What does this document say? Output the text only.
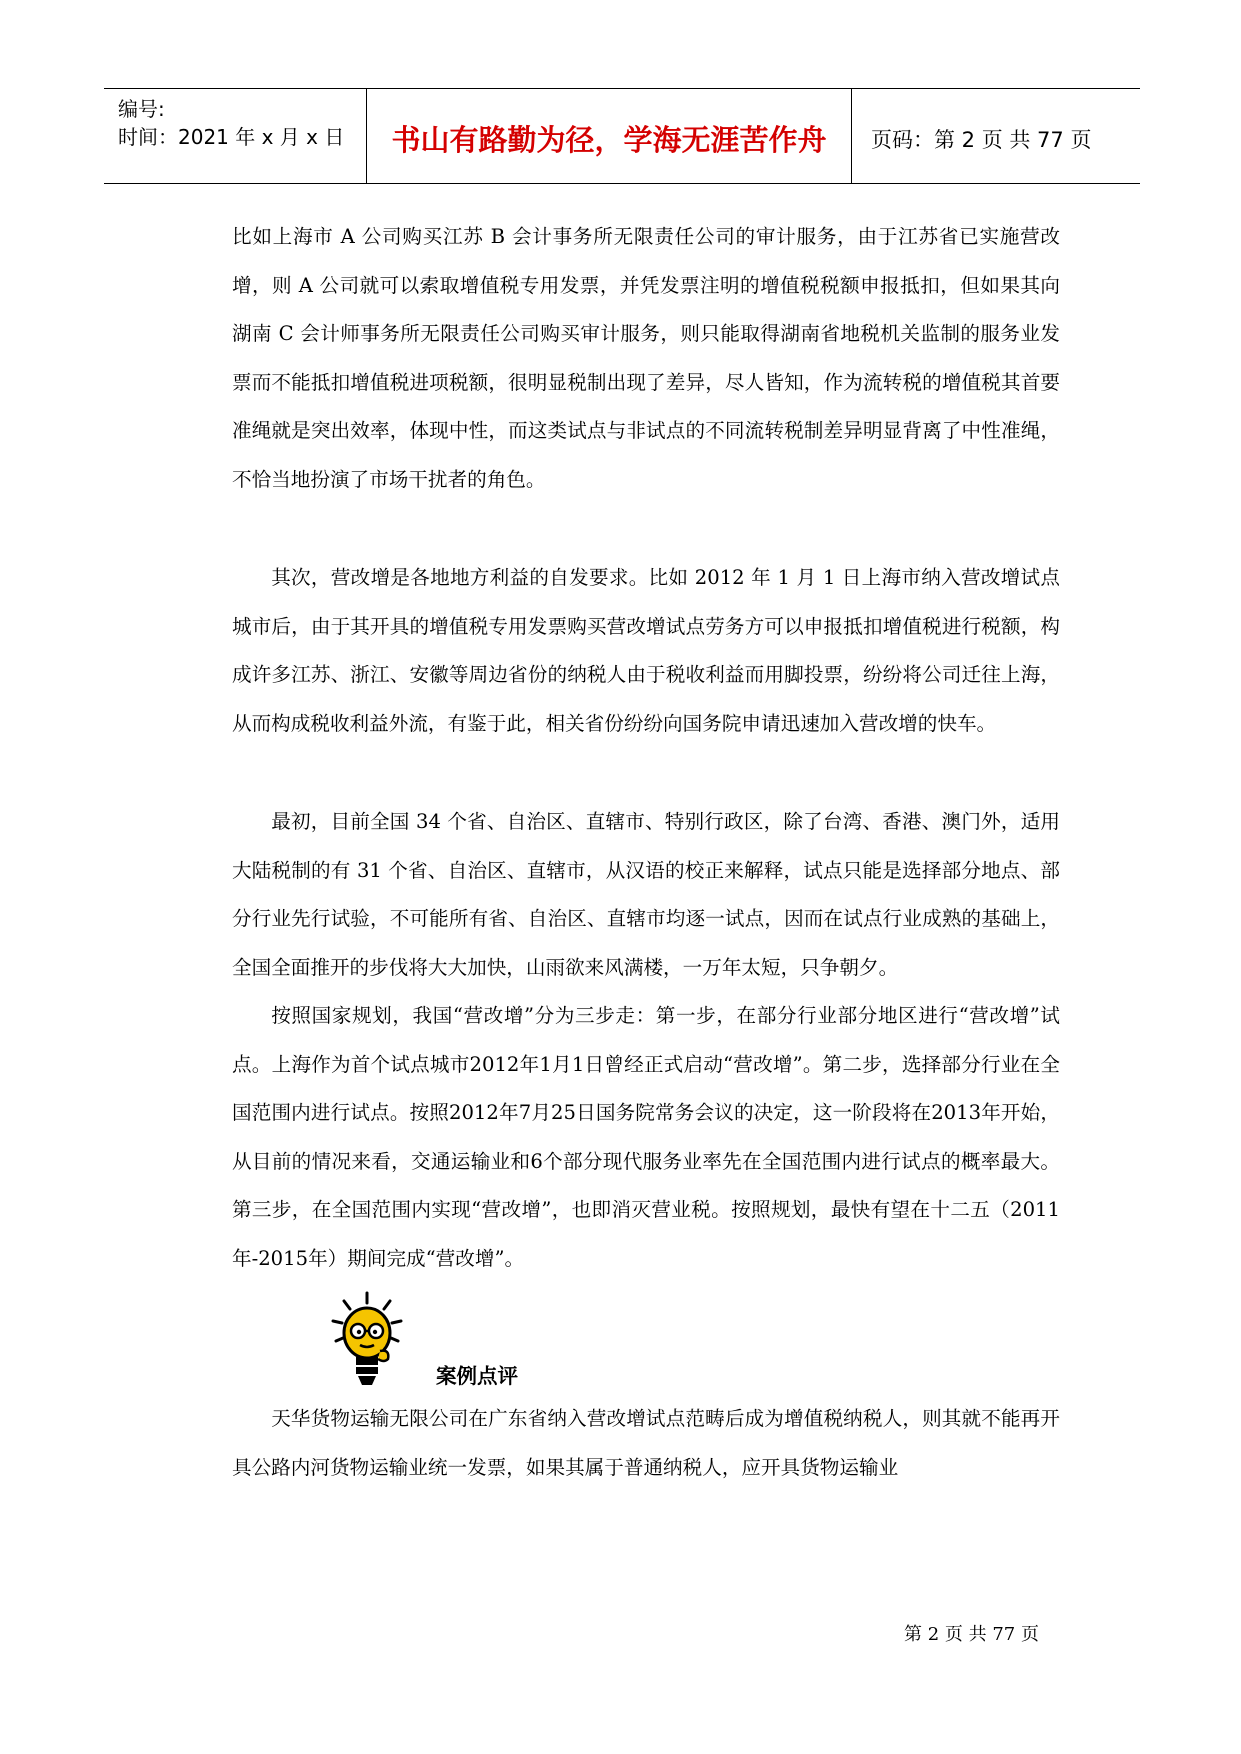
编号:
时间：2021 年 x 月 x 日	书山有路勤为径，学海无涯苦作舟	页码：第 2 页 共 77 页

比如上海市 A 公司购买江苏 B 会计事务所无限责任公司的审计服务，由于江苏省已实施营改增，则 A 公司就可以索取增值税专用发票，并凭发票注明的增值税税额申报抵扣，但如果其向湖南 C 会计师事务所无限责任公司购买审计服务，则只能取得湖南省地税机关监制的服务业发票而不能抵扣增值税进项税额，很明显税制出现了差异，尽人皆知，作为流转税的增值税其首要准绳就是突出效率，体现中性，而这类试点与非试点的不同流转税制差异明显背离了中性准绳，不恰当地扮演了市场干扰者的角色。

其次，营改增是各地地方利益的自发要求。比如 2012 年 1 月 1 日上海市纳入营改增试点城市后，由于其开具的增值税专用发票购买营改增试点劳务方可以申报抵扣增值税进行税额，构成许多江苏、浙江、安徽等周边省份的纳税人由于税收利益而用脚投票，纷纷将公司迁往上海，从而构成税收利益外流，有鉴于此，相关省份纷纷向国务院申请迅速加入营改增的快车。

最初，目前全国 34 个省、自治区、直辖市、特别行政区，除了台湾、香港、澳门外，适用大陆税制的有 31 个省、自治区、直辖市，从汉语的校正来解释，试点只能是选择部分地点、部分行业先行试验，不可能所有省、自治区、直辖市均逐一试点，因而在试点行业成熟的基础上，全国全面推开的步伐将大大加快，山雨欲来风满楼，一万年太短，只争朝夕。

按照国家规划，我国“营改增”分为三步走：第一步，在部分行业部分地区进行“营改增”试点。上海作为首个试点城市2012年1月1日曾经正式启动“营改增”。第二步，选择部分行业在全国范围内进行试点。按照2012年7月25日国务院常务会议的决定，这一阶段将在2013年开始，从目前的情况来看，交通运输业和6个部分现代服务业率先在全国范围内进行试点的概率最大。第三步，在全国范围内实现“营改增”，也即消灭营业税。按照规划，最快有望在十二五（2011年-2015年）期间完成“营改增”。

案例点评

天华货物运输无限公司在广东省纳入营改增试点范畴后成为增值税纳税人，则其就不能再开具公路内河货物运输业统一发票，如果其属于普通纳税人，应开具货物运输业

第 2 页 共 77 页
